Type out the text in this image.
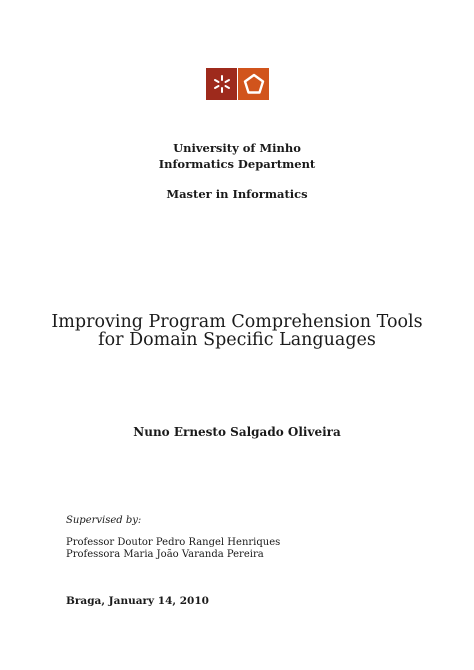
University of Minho
Informatics Department
Master in Informatics
Improving Program Comprehension Tools
for Domain Specific Languages
Nuno Ernesto Salgado Oliveira
Supervised by:
Professor Doutor Pedro Rangel Henriques
Professora Maria João Varanda Pereira
Braga, January 14, 2010
